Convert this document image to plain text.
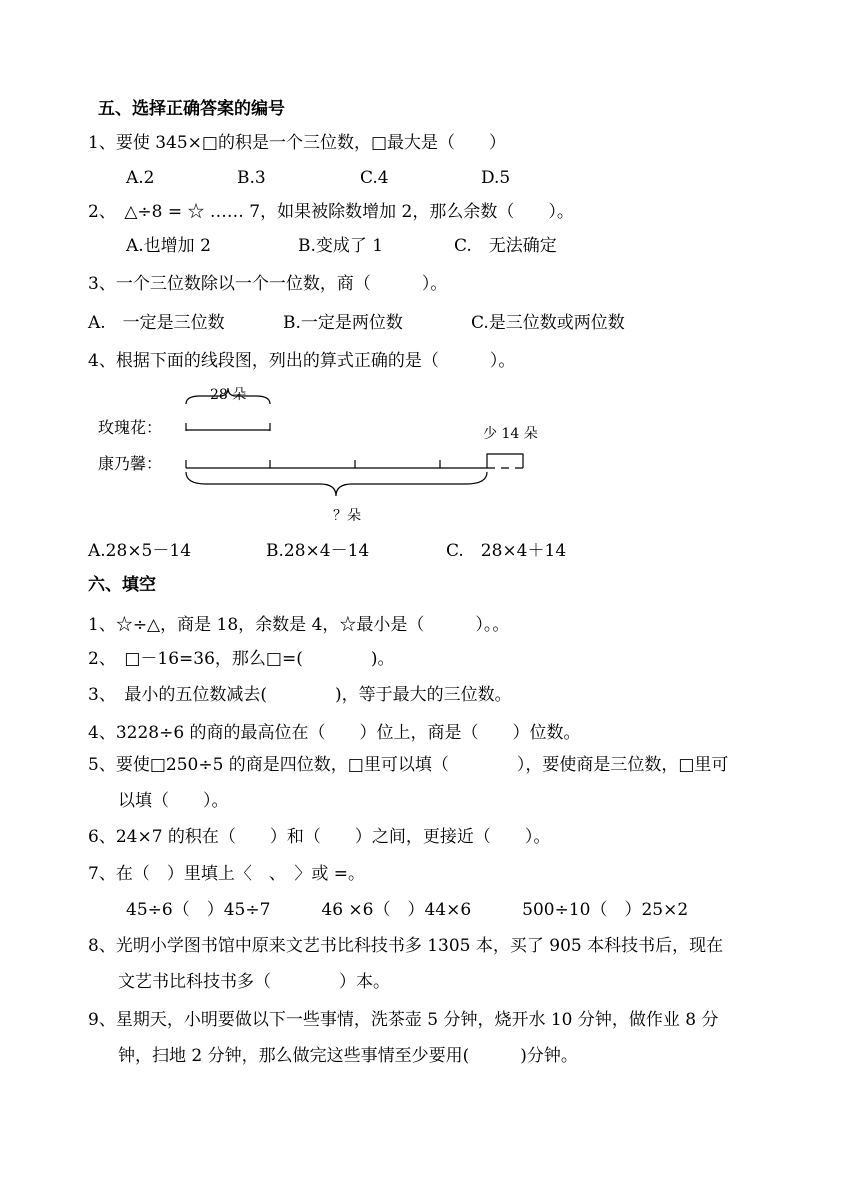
五、选择正确答案的编号
1、要使 345×□的积是一个三位数，□最大是（　　）
A.2	B.3	C.4	D.5
2、　△÷8 = ☆ …… 7，如果被除数增加 2，那么余数（　　）。
A.也增加 2	B.变成了 1	C.　无法确定
3、一个三位数除以一个一位数，商（　　　）。
A.　一定是三位数	B.一定是两位数	C.是三位数或两位数
4、根据下面的线段图，列出的算式正确的是（　　　）。
28 朵
玫瑰花：	少 14 朵
康乃馨：
？朵
A.28×5－14	B.28×4－14	C.　28×4＋14
六、填空
1、☆÷△，商是 18，余数是 4，☆最小是（　　　）。。
2、　□－16=36，那么□=(　　　　)。
3、　最小的五位数减去(　　　　)，等于最大的三位数。
4、3228÷6 的商的最高位在（　　）位上，商是（　　）位数。
5、要使□250÷5 的商是四位数，□里可以填（　　　　），要使商是三位数，□里可
以填（　　）。
6、24×7 的积在（　　）和（　　）之间，更接近（　　）。
7、在（　）里填上〈　、　〉或 =。
45÷6（　）45÷7　　　46 ×6（　）44×6　　　500÷10（　）25×2
8、光明小学图书馆中原来文艺书比科技书多 1305 本，买了 905 本科技书后，现在
文艺书比科技书多（　　　　）本。
9、星期天，小明要做以下一些事情，洗茶壶 5 分钟，烧开水 10 分钟，做作业 8 分
钟，扫地 2 分钟，那么做完这些事情至少要用(　　　)分钟。
